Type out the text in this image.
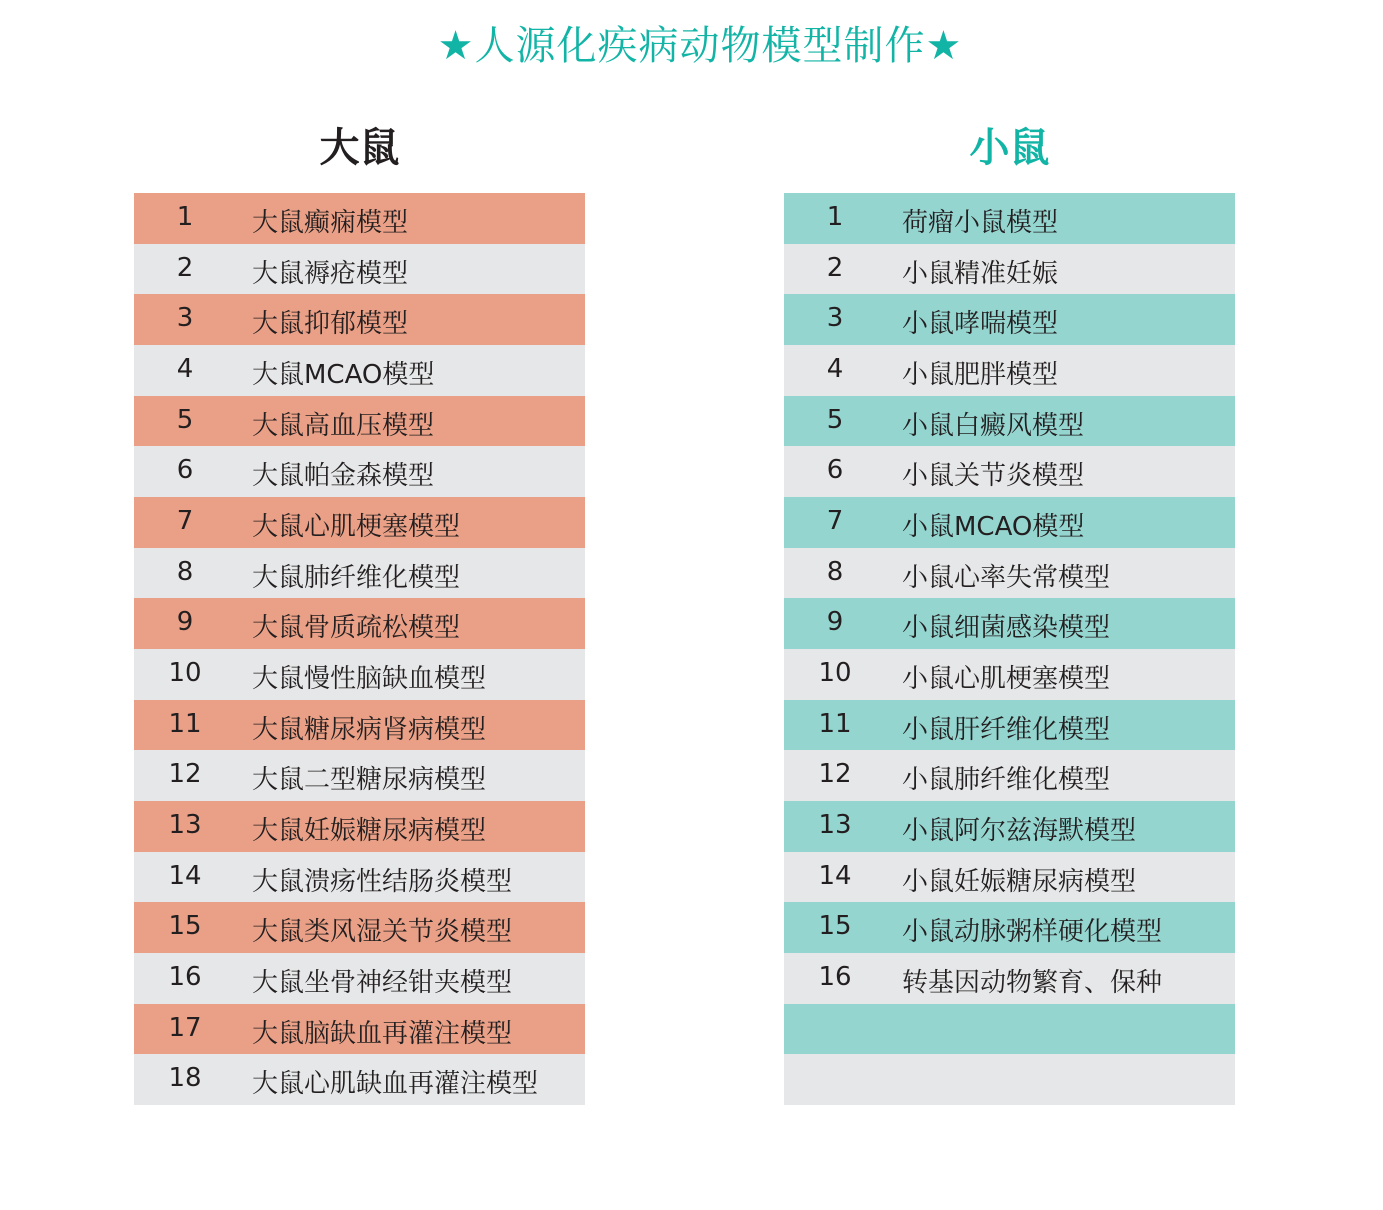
★人源化疾病动物模型制作★
大鼠	小鼠
1	大鼠癫痫模型
2	大鼠褥疮模型
3	大鼠抑郁模型
4	大鼠MCAO模型
5	大鼠高血压模型
6	大鼠帕金森模型
7	大鼠心肌梗塞模型
8	大鼠肺纤维化模型
9	大鼠骨质疏松模型
10	大鼠慢性脑缺血模型
11	大鼠糖尿病肾病模型
12	大鼠二型糖尿病模型
13	大鼠妊娠糖尿病模型
14	大鼠溃疡性结肠炎模型
15	大鼠类风湿关节炎模型
16	大鼠坐骨神经钳夹模型
17	大鼠脑缺血再灌注模型
18	大鼠心肌缺血再灌注模型
1	荷瘤小鼠模型
2	小鼠精准妊娠
3	小鼠哮喘模型
4	小鼠肥胖模型
5	小鼠白癜风模型
6	小鼠关节炎模型
7	小鼠MCAO模型
8	小鼠心率失常模型
9	小鼠细菌感染模型
10	小鼠心肌梗塞模型
11	小鼠肝纤维化模型
12	小鼠肺纤维化模型
13	小鼠阿尔兹海默模型
14	小鼠妊娠糖尿病模型
15	小鼠动脉粥样硬化模型
16	转基因动物繁育、保种
